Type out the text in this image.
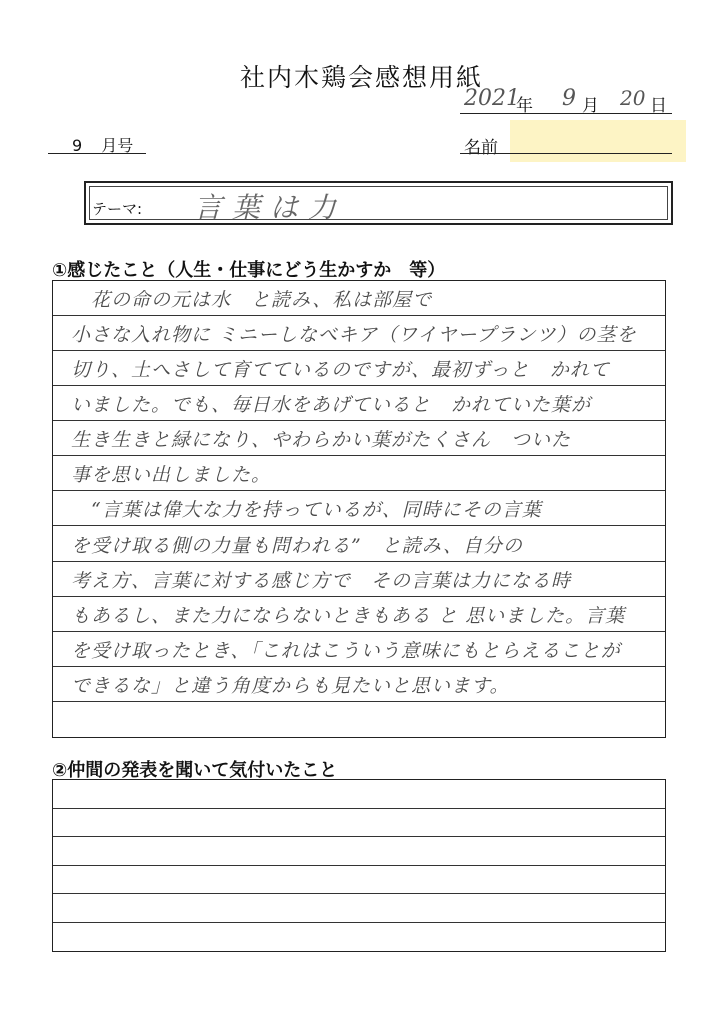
社内木鶏会感想用紙
2021
年 9 月 20 日
9 月号	名前
テーマ: 言葉は力
①感じたこと（人生・仕事にどう生かすか　等）
　花の命の元は水　と読み、私は部屋で
小さな入れ物に ミニーしなべキア（ワイヤープランツ）の茎を
切り、土へさして育てているのですが、最初ずっと　かれて
いました。でも、毎日水をあげていると　かれていた葉が
生き生きと緑になり、やわらかい葉がたくさん　ついた
事を思い出しました。
　“言葉は偉大な力を持っているが、同時にその言葉
を受け取る側の力量も問われる”　と読み、自分の
考え方、言葉に対する感じ方で　その言葉は力になる時
もあるし、また力にならないときもある と 思いました。言葉
を受け取ったとき、「これはこういう意味にもとらえることが
できるな」と違う角度からも見たいと思います。
②仲間の発表を聞いて気付いたこと
